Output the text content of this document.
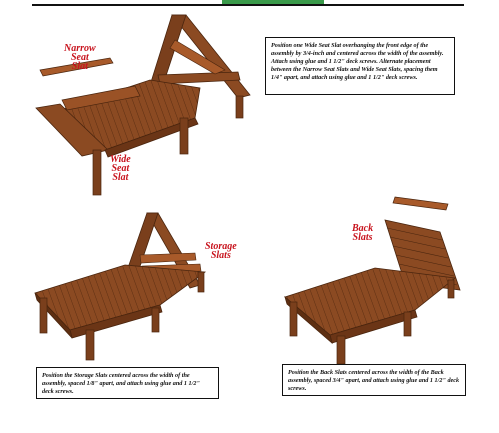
Narrow
Seat
Slat
Wide
Seat
Slat
Storage
Slats
Back
Slats
Position one Wide Seat Slat overhanging the front edge of the assembly by 3/4-inch and centered across the width of the assembly. Attach using glue and 1 1/2" deck screws. Alternate placement between the Narrow Seat Slats and Wide Seat Slats, spacing them 1/4" apart, and attach using glue and 1 1/2" deck screws.
Position the Storage Slats centered across the width of the assembly, spaced 1/8" apart, and attach using glue and 1 1/2" deck screws.
Position the Back Slats centered across the width of the Back assembly, spaced 3/4" apart, and attach using glue and 1 1/2" deck screws.
